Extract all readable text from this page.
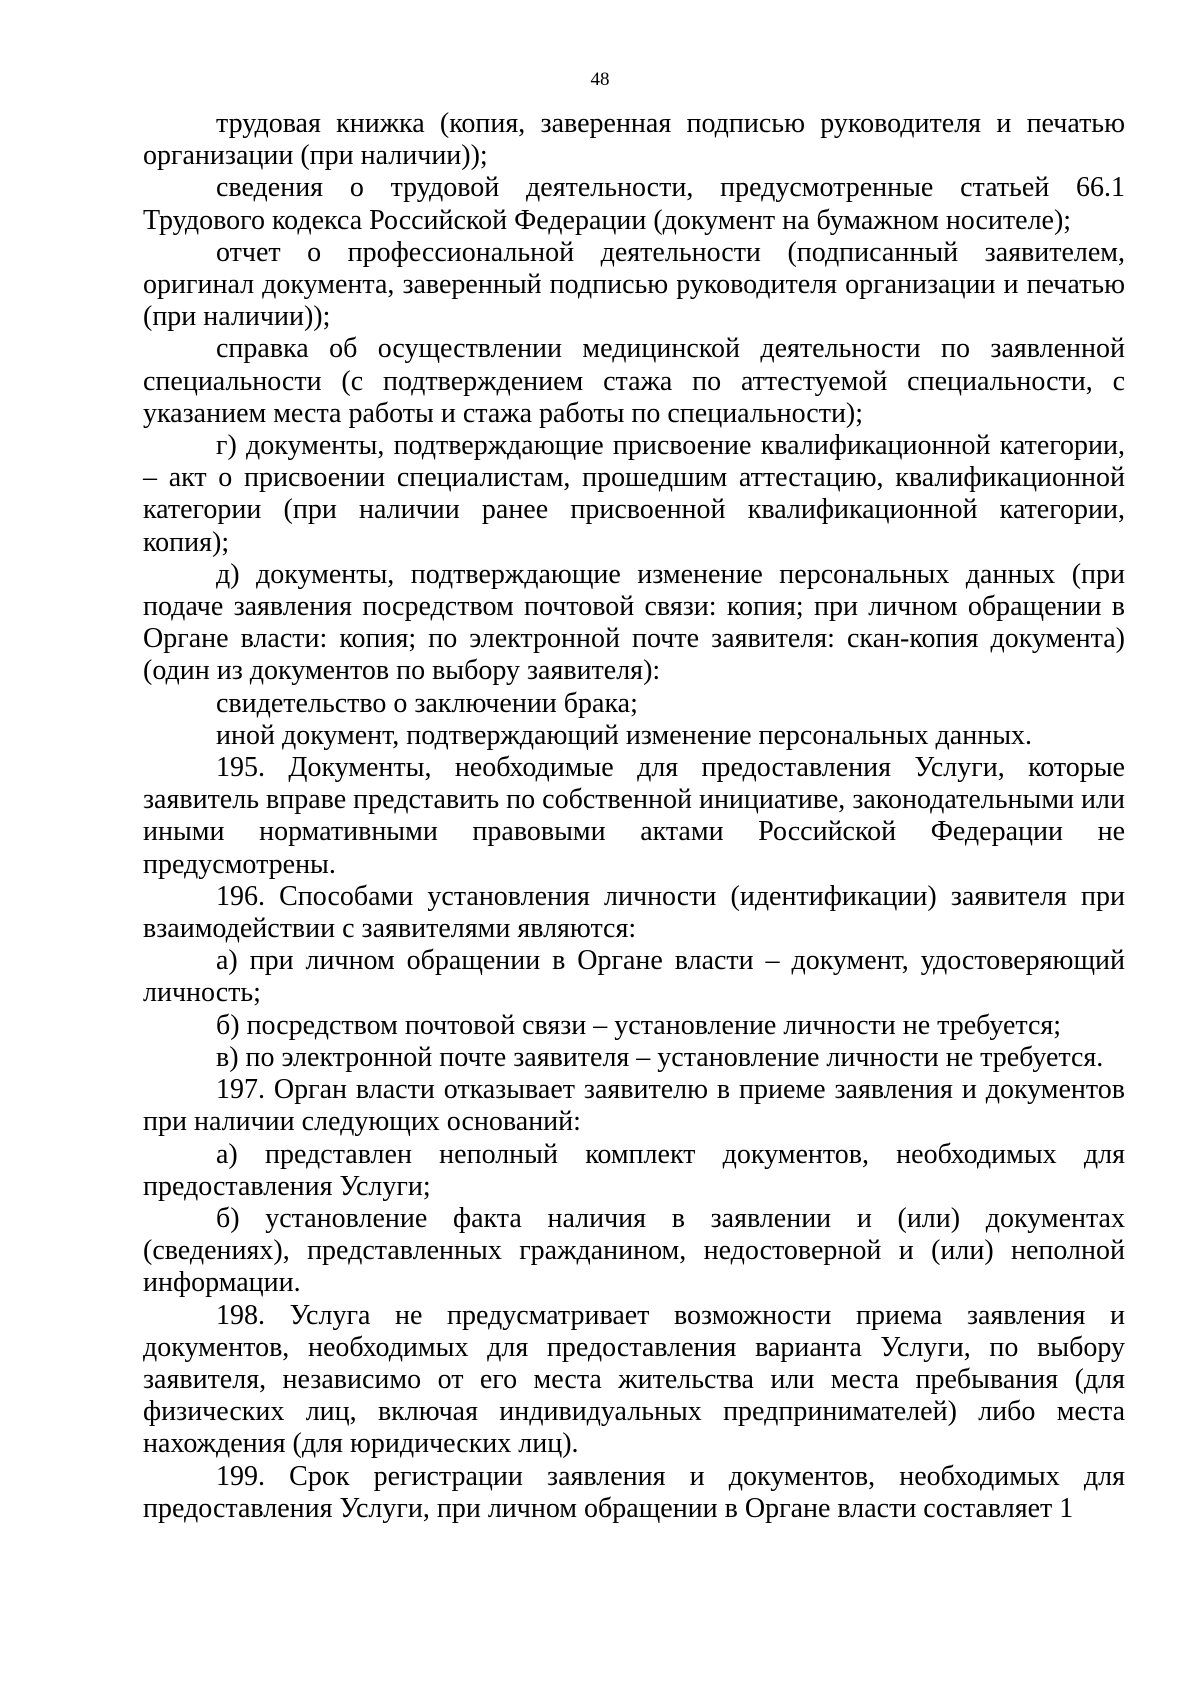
48

трудовая книжка (копия, заверенная подписью руководителя и печатью организации (при наличии));

сведения о трудовой деятельности, предусмотренные статьей 66.1 Трудового кодекса Российской Федерации (документ на бумажном носителе);

отчет о профессиональной деятельности (подписанный заявителем, оригинал документа, заверенный подписью руководителя организации и печатью (при наличии));

справка об осуществлении медицинской деятельности по заявленной специальности (с подтверждением стажа по аттестуемой специальности, с указанием места работы и стажа работы по специальности);

г) документы, подтверждающие присвоение квалификационной категории, – акт о присвоении специалистам, прошедшим аттестацию, квалификационной категории (при наличии ранее присвоенной квалификационной категории, копия);

д) документы, подтверждающие изменение персональных данных (при подаче заявления посредством почтовой связи: копия; при личном обращении в Органе власти: копия; по электронной почте заявителя: скан-копия документа) (один из документов по выбору заявителя):

свидетельство о заключении брака;

иной документ, подтверждающий изменение персональных данных.

195. Документы, необходимые для предоставления Услуги, которые заявитель вправе представить по собственной инициативе, законодательными или иными нормативными правовыми актами Российской Федерации не предусмотрены.

196. Способами установления личности (идентификации) заявителя при взаимодействии с заявителями являются:

а) при личном обращении в Органе власти – документ, удостоверяющий личность;

б) посредством почтовой связи – установление личности не требуется;

в) по электронной почте заявителя – установление личности не требуется.

197. Орган власти отказывает заявителю в приеме заявления и документов при наличии следующих оснований:

а) представлен неполный комплект документов, необходимых для предоставления Услуги;

б) установление факта наличия в заявлении и (или) документах (сведениях), представленных гражданином, недостоверной и (или) неполной информации.

198. Услуга не предусматривает возможности приема заявления и документов, необходимых для предоставления варианта Услуги, по выбору заявителя, независимо от его места жительства или места пребывания (для физических лиц, включая индивидуальных предпринимателей) либо места нахождения (для юридических лиц).

199. Срок регистрации заявления и документов, необходимых для предоставления Услуги, при личном обращении в Органе власти составляет 1
